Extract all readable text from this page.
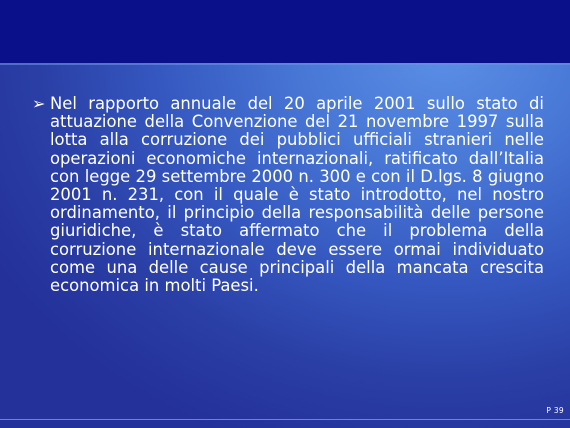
➢ Nel rapporto annuale del 20 aprile 2001 sullo stato di attuazione della Convenzione del 21 novembre 1997 sulla lotta alla corruzione dei pubblici ufficiali stranieri nelle operazioni economiche internazionali, ratificato dall’Italia con legge 29 settembre 2000 n. 300 e con il D.lgs. 8 giugno 2001 n. 231, con il quale è stato introdotto, nel nostro ordinamento, il principio della responsabilità delle persone giuridiche, è stato affermato che il problema della corruzione internazionale deve essere ormai individuato come una delle cause principali della mancata crescita economica in molti Paesi.
P 39
